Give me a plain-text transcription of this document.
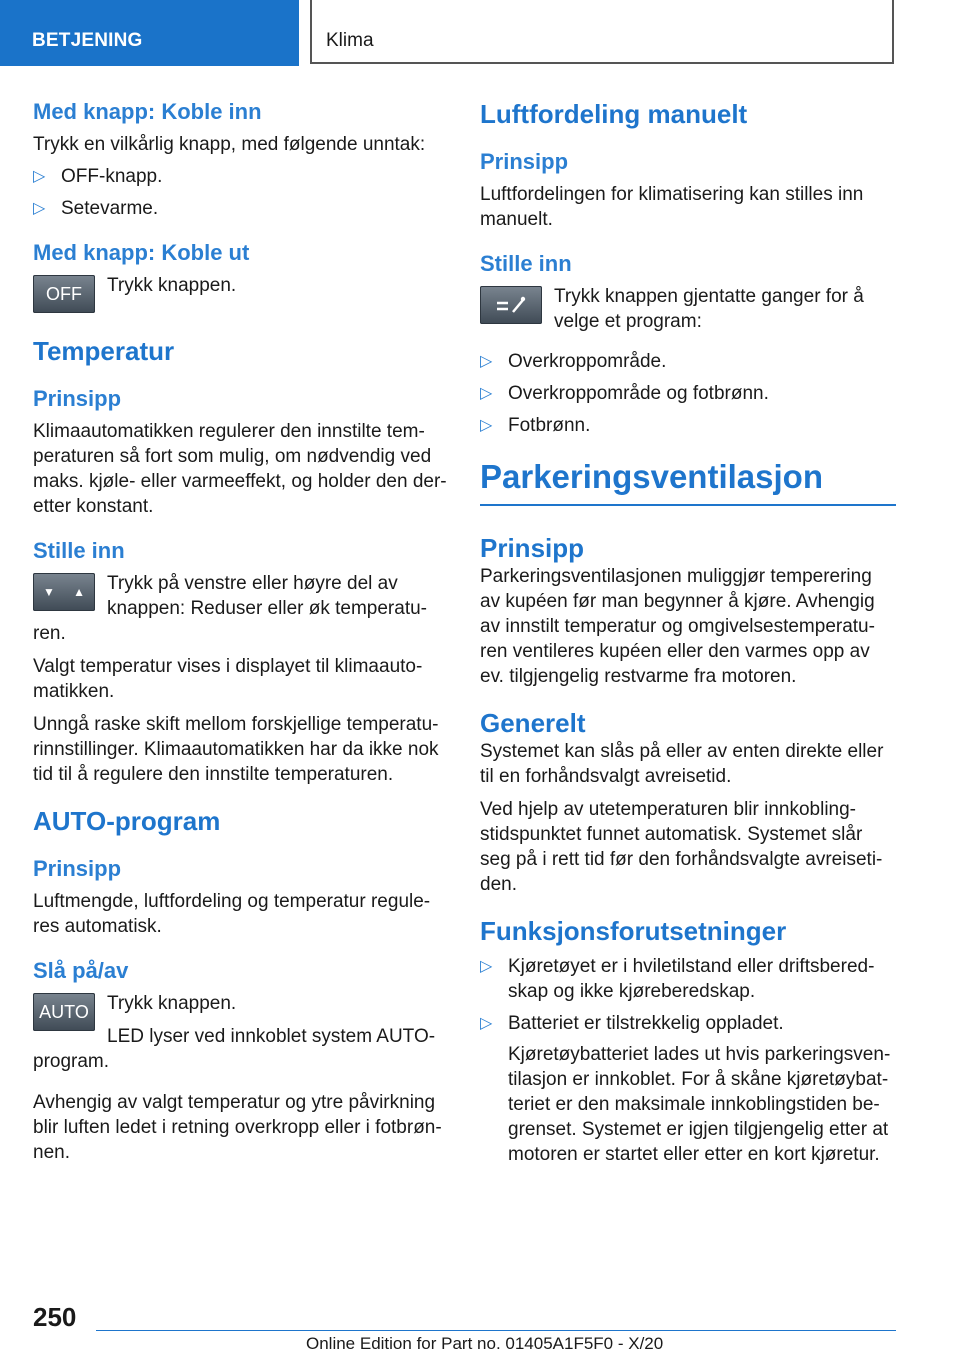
BETJENING	Klima
Med knapp: Koble inn

Trykk en vilkårlig knapp, med følgende unntak:

▷ OFF-knapp.
▷ Setevarme.
Med knapp: Koble ut
OFF	Trykk knappen.

Temperatur
Prinsipp

Klimaautomatikken regulerer den innstilte tem-peraturen så fort som mulig, om nødvendig ved maks. kjøle- eller varmeeffekt, og holder den der-etter konstant.

Stille inn
▼ ▲	Trykk på venstre eller høyre del av knappen: Reduser eller øk temperatu-ren.

Valgt temperatur vises i displayet til klimaauto-matikken.

Unngå raske skift mellom forskjellige temperatu-rinnstillinger. Klimaautomatikken har da ikke nok tid til å regulere den innstilte temperaturen.

AUTO-program
Prinsipp

Luftmengde, luftfordeling og temperatur regule-res automatisk.

Slå på/av
AUTO Trykk knappen.

LED lyser ved innkoblet system AUTO-program.

Avhengig av valgt temperatur og ytre påvirkning blir luften ledet i retning overkropp eller i fotbrøn-nen.

Luftfordeling manuelt
Prinsipp

Luftfordelingen for klimatisering kan stilles inn manuelt.

Stille inn

Trykk knappen gjentatte ganger for å velge et program:

▷ Overkroppområde.
▷ Overkroppområde og fotbrønn.
▷ Fotbrønn.
Parkeringsventilasjon
Prinsipp

Parkeringsventilasjonen muliggjør temperering av kupéen før man begynner å kjøre. Avhengig av innstilt temperatur og omgivelsestemperatu-ren ventileres kupéen eller den varmes opp av ev. tilgjengelig restvarme fra motoren.

Generelt

Systemet kan slås på eller av enten direkte eller til en forhåndsvalgt avreisetid.

Ved hjelp av utetemperaturen blir innkobling-stidspunktet funnet automatisk. Systemet slår seg på i rett tid før den forhåndsvalgte avreiseti-den.

Funksjonsforutsetninger
▷ Kjøretøyet er i hviletilstand eller driftsbered-skap og ikke kjøreberedskap.
▷ Batteriet er tilstrekkelig oppladet.
Kjøretøybatteriet lades ut hvis parkeringsven-tilasjon er innkoblet. For å skåne kjøretøybat-teriet er den maksimale innkoblingstiden be-grenset. Systemet er igjen tilgjengelig etter at motoren er startet eller etter en kort kjøretur.
250
Online Edition for Part no. 01405A1F5F0 - X/20
